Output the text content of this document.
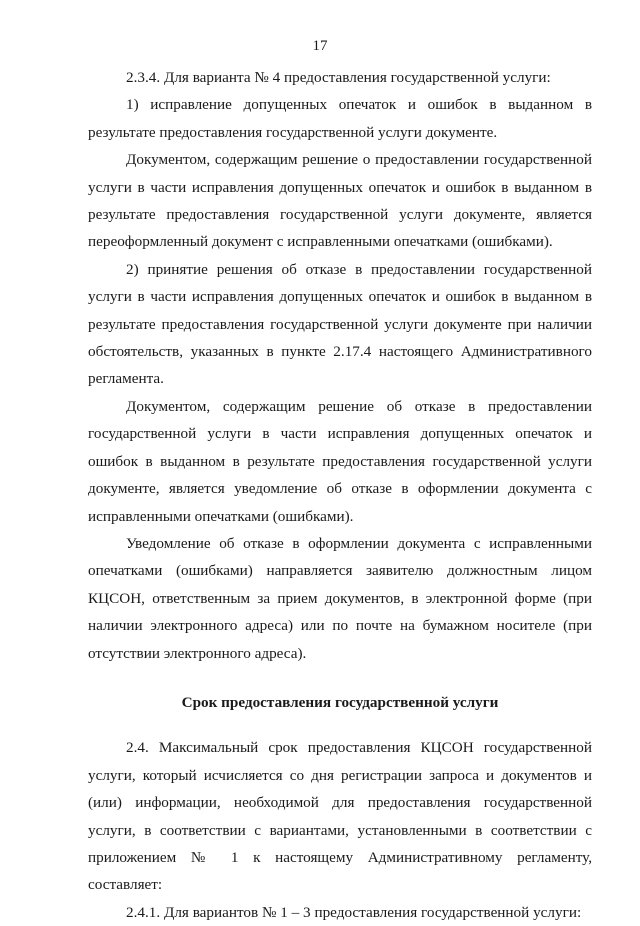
17

2.3.4. Для варианта № 4 предоставления государственной услуги:

1) исправление допущенных опечаток и ошибок в выданном в результате предоставления государственной услуги документе.

Документом, содержащим решение о предоставлении государственной услуги в части исправления допущенных опечаток и ошибок в выданном в результате предоставления государственной услуги документе, является переоформленный документ с исправленными опечатками (ошибками).

2) принятие решения об отказе в предоставлении государственной услуги в части исправления допущенных опечаток и ошибок в выданном в результате предоставления государственной услуги документе при наличии обстоятельств, указанных в пункте 2.17.4 настоящего Административного регламента.

Документом, содержащим решение об отказе в предоставлении государственной услуги в части исправления допущенных опечаток и ошибок в выданном в результате предоставления государственной услуги документе, является уведомление об отказе в оформлении документа с исправленными опечатками (ошибками).

Уведомление об отказе в оформлении документа с исправленными опечатками (ошибками) направляется заявителю должностным лицом КЦСОН, ответственным за прием документов, в электронной форме (при наличии электронного адреса) или по почте на бумажном носителе (при отсутствии электронного адреса).

Срок предоставления государственной услуги

2.4. Максимальный срок предоставления КЦСОН государственной услуги, который исчисляется со дня регистрации запроса и документов и (или) информации, необходимой для предоставления государственной услуги, в соответствии с вариантами, установленными в соответствии с приложением № 1 к настоящему Административному регламенту, составляет:

2.4.1. Для вариантов № 1 – 3 предоставления государственной услуги:
